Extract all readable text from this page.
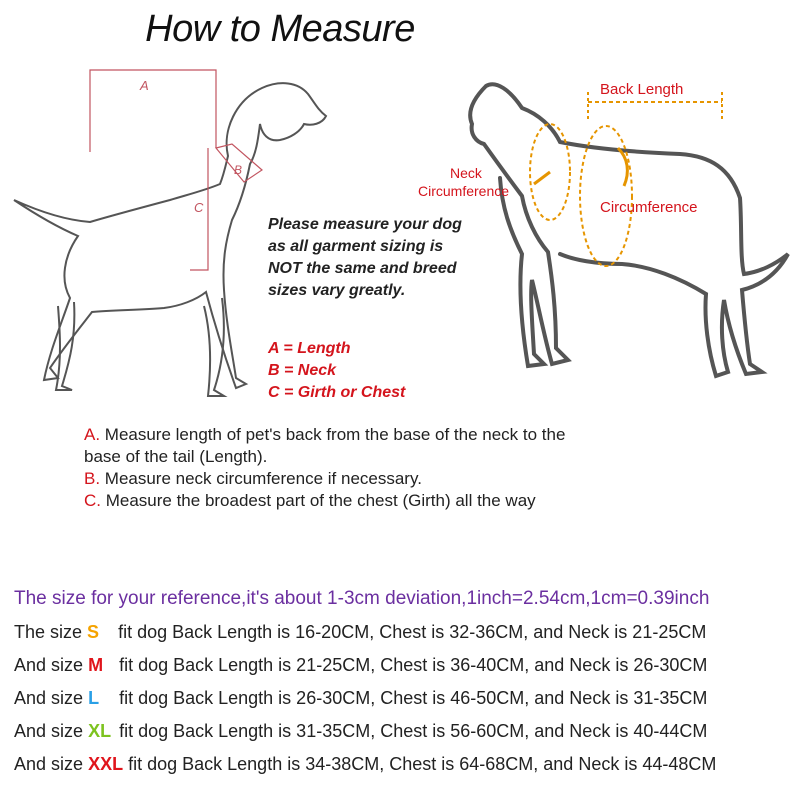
How to Measure
A
B
C
Please measure your dog
as all garment sizing is
NOT the same and breed
sizes vary greatly.
A = Length
B = Neck
C = Girth or Chest
Back Length
Neck
Circumference
Circumference
A. Measure length of pet's back from the base of the neck to the base of the tail (Length).
B. Measure neck circumference if necessary.
C. Measure the broadest part of the chest (Girth) all the way
The size for your reference,it's about 1-3cm deviation,1inch=2.54cm,1cm=0.39inch
The size S fit dog Back Length is 16-20CM, Chest is 32-36CM, and Neck is 21-25CM
And size M fit dog Back Length is 21-25CM, Chest is 36-40CM, and Neck is 26-30CM
And size L fit dog Back Length is 26-30CM, Chest is 46-50CM, and Neck is 31-35CM
And size XL fit dog Back Length is 31-35CM, Chest is 56-60CM, and Neck is 40-44CM
And size XXL fit dog Back Length is 34-38CM, Chest is 64-68CM, and Neck is 44-48CM
